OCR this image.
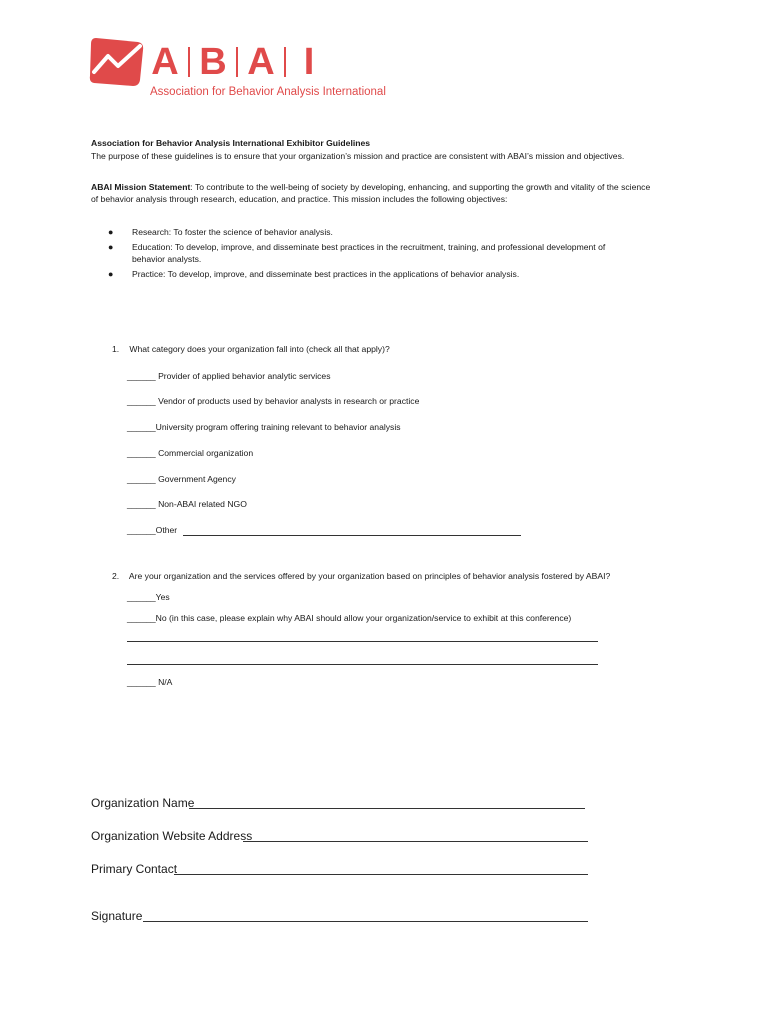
A B A I
Association for Behavior Analysis International
Association for Behavior Analysis International Exhibitor Guidelines
The purpose of these guidelines is to ensure that your organization’s mission and practice are consistent with ABAI’s mission and objectives.
ABAI Mission Statement: To contribute to the well-being of society by developing, enhancing, and supporting the growth and vitality of the science of behavior analysis through research, education, and practice. This mission includes the following objectives:
● Research: To foster the science of behavior analysis.
● Education: To develop, improve, and disseminate best practices in the recruitment, training, and professional development of behavior analysts.
● Practice: To develop, improve, and disseminate best practices in the applications of behavior analysis.
1. What category does your organization fall into (check all that apply)?
______ Provider of applied behavior analytic services
______ Vendor of products used by behavior analysts in research or practice
______University program offering training relevant to behavior analysis
______ Commercial organization
______ Government Agency
______ Non-ABAI related NGO
______Other
2. Are your organization and the services offered by your organization based on principles of behavior analysis fostered by ABAI?
______Yes
______No (in this case, please explain why ABAI should allow your organization/service to exhibit at this conference)
______ N/A
Organization Name
Organization Website Address
Primary Contact
Signature
